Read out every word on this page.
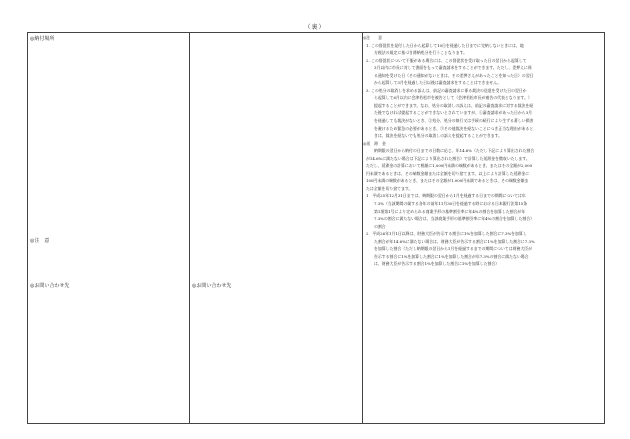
（裏）
◎納付場所
◎注　意
◎お問い合わせ先	◎お問い合わせ先

◎注　　意

1. この督促状を発付した日から起算して10日を経過した日までに完納しないときには、地

方税法の規定に基づき滞納処分を行うことなります。

2. この督促状について不服がある場合には、この督促状を受け取った日の翌日から起算して

3月以内に市長に対して書面をもって審査請求をすることができます。ただし、差押えに係

る通知を受けた日（その通知がないときは、その差押さえがあったことを知った日）の翌日

から起算して3月を経過した日以後は審査請求をすることはできません。

3. この処分の取消しを求める訴えは、前記の審査請求に係る裁決の送達を受けた日の翌日か

ら起算して6月以内に会津若松市を被告として（会津若松市長が被告の代表となります。）

提起することができます。なお、処分の取消しの訴えは、前記の審査請求に対する裁決を経

た後でなければ提起することができないとされていますが、①審査請求があった日から3月

を経過しても裁決がないとき、②処分、処分の執行又は手続の続行により生ずる著しい損害

を避けるため緊急の必要があるとき、③その他裁決を経ないことにつき正当な理由があると

きは、裁決を経ないでも処分の取消しの訴えを提起することができます。

◎延　滞　金

納期限の翌日から納付の日までの日数に応じ、年14.6%（ただし下記により算出された割合

が14.6%に満たない場合は下記により算出された割合）で計算した延滞金を徴収いたします。

ただし、延滞金の計算において税額に1,000円未満の端数があるとき、またはその全額が2,000

円未満であるときは、その端数金額または全額を切り捨てます。以上により計算した延滞金に

100円未満の端数があるとき、またはその全額が1,000円未満であるときは、その端数金額ま

たは全額を切り捨てます。

1　平成25年12月31日までは、納期限の翌日から1月を経過する日までの期間については年

7.3%（当該期間の属する各年の前年11月30日を経過する時における日本銀行法第15条

第1項第1号により定められる商業手形の基準割引率に年4%の割合を加算した割合が年

7.3%の割合に満たない場合は、当該商業手形の基準割引率に年4%の割合を加算した割合）

の割合

2　平成26年1月1日以降は、財務大臣が告示する割合に1%を加算した割合に7.3%を加算し

た割合が年14.6%に満たない場合は、財務大臣が告示する割合に1%を加算した割合に7.3%

を加算した割合（ただし納期限の翌日から1月を経過するまでの期間については財務大臣が

告示する割合に1%を加算した割合に1%を加算した割合が年7.3%の割合に満たない場合

は、財務大臣が告示する割合1%を加算した割合に1%を加算した割合）
